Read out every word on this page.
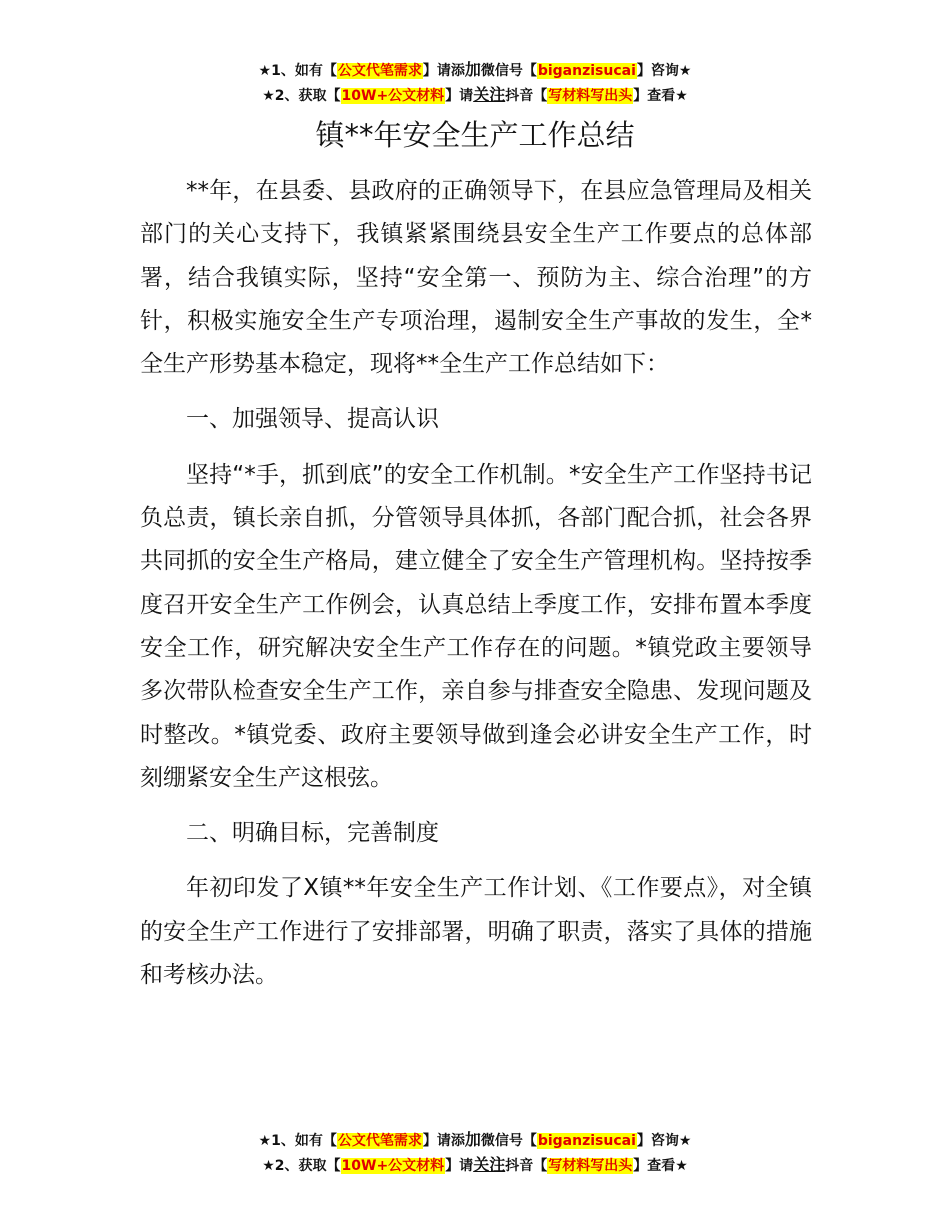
★1、如有【公文代笔需求】请添加微信号【biganzisucai】咨询★
★2、获取【10W+公文材料】请关注抖音【写材料写出头】查看★
镇**年安全生产工作总结

**年，在县委、县政府的正确领导下，在县应急管理局及相关部门的关心支持下，我镇紧紧围绕县安全生产工作要点的总体部署，结合我镇实际，坚持“安全第一、预防为主、综合治理”的方针，积极实施安全生产专项治理，遏制安全生产事故的发生，全*全生产形势基本稳定，现将**全生产工作总结如下：

一、加强领导、提高认识

坚持“*手，抓到底”的安全工作机制。*安全生产工作坚持书记负总责，镇长亲自抓，分管领导具体抓，各部门配合抓，社会各界共同抓的安全生产格局，建立健全了安全生产管理机构。坚持按季度召开安全生产工作例会，认真总结上季度工作，安排布置本季度安全工作，研究解决安全生产工作存在的问题。*镇党政主要领导多次带队检查安全生产工作，亲自参与排查安全隐患、发现问题及时整改。*镇党委、政府主要领导做到逢会必讲安全生产工作，时刻绷紧安全生产这根弦。

二、明确目标，完善制度

年初印发了X镇**年安全生产工作计划、《工作要点》，对全镇的安全生产工作进行了安排部署，明确了职责，落实了具体的措施和考核办法。

★1、如有【公文代笔需求】请添加微信号【biganzisucai】咨询★
★2、获取【10W+公文材料】请关注抖音【写材料写出头】查看★
